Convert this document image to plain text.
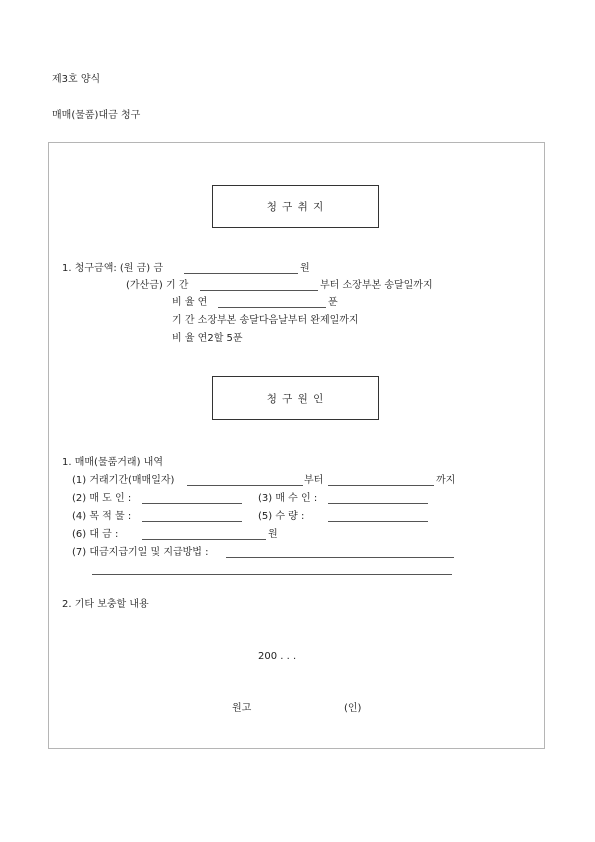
제3호 양식
매매(물품)대금 청구
청 구 취 지
1. 청구금액: (원 금) 금	원
(가산금) 기 간	부터 소장부본 송달일까지
비 율 연	푼
기 간 소장부본 송달다음날부터 완제일까지
비 율 연2할 5푼
청 구 원 인
1. 매매(물품거래) 내역
(1) 거래기간(매매일자)	부터	까지
(2) 매 도 인 :	(3) 매 수 인 :
(4) 목 적 물 :	(5) 수 량 :
(6) 대 금 :	원
(7) 대금지급기일 및 지급방법 :
2. 기타 보충할 내용
200 . . .
원고	(인)
